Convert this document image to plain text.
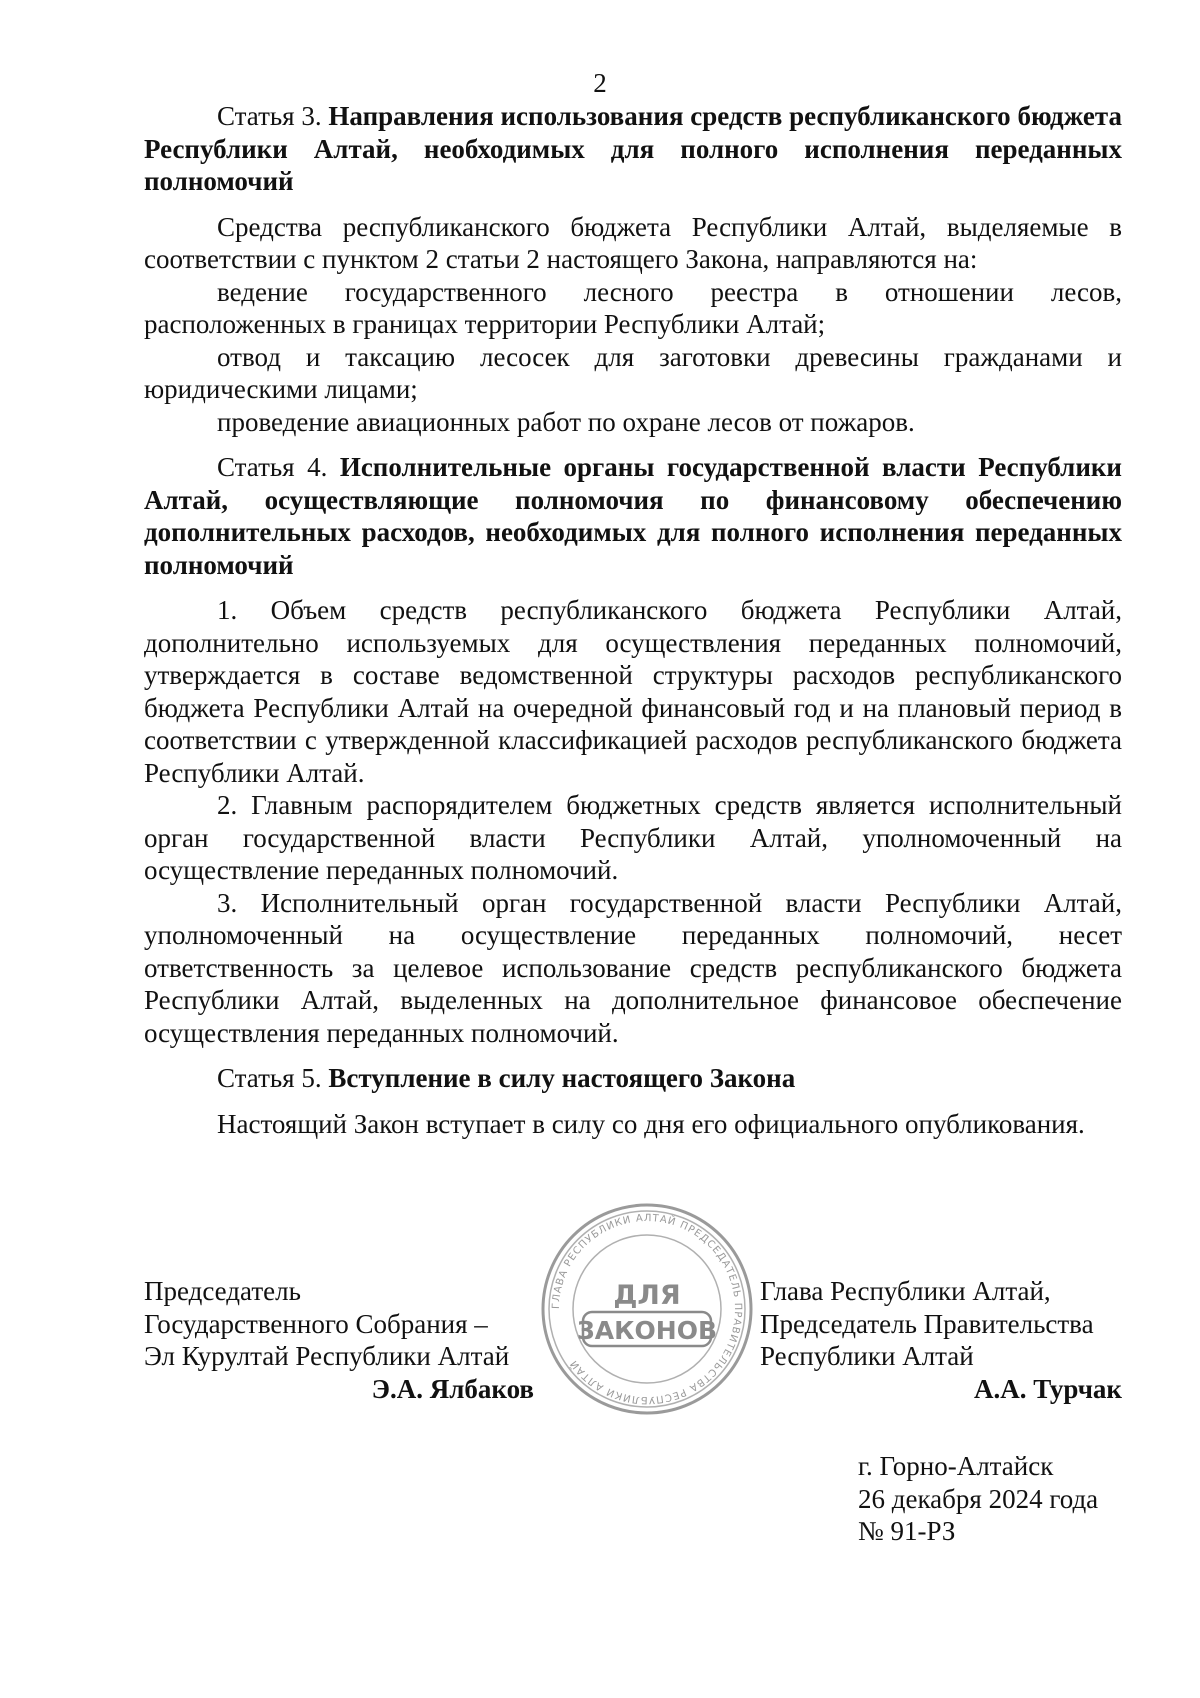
2

Статья 3. Направления использования средств республиканского бюджета Республики Алтай, необходимых для полного исполнения переданных полномочий

Средства республиканского бюджета Республики Алтай, выделяемые в соответствии с пунктом 2 статьи 2 настоящего Закона, направляются на:

ведение государственного лесного реестра в отношении лесов, расположенных в границах территории Республики Алтай;

отвод и таксацию лесосек для заготовки древесины гражданами и юридическими лицами;

проведение авиационных работ по охране лесов от пожаров.

Статья 4. Исполнительные органы государственной власти Республики Алтай, осуществляющие полномочия по финансовому обеспечению дополнительных расходов, необходимых для полного исполнения переданных полномочий

1. Объем средств республиканского бюджета Республики Алтай, дополнительно используемых для осуществления переданных полномочий, утверждается в составе ведомственной структуры расходов республиканского бюджета Республики Алтай на очередной финансовый год и на плановый период в соответствии с утвержденной классификацией расходов республиканского бюджета Республики Алтай.

2. Главным распорядителем бюджетных средств является исполнительный орган государственной власти Республики Алтай, уполномоченный на осуществление переданных полномочий.

3. Исполнительный орган государственной власти Республики Алтай, уполномоченный на осуществление переданных полномочий, несет ответственность за целевое использование средств республиканского бюджета Республики Алтай, выделенных на дополнительное финансовое обеспечение осуществления переданных полномочий.

Статья 5. Вступление в силу настоящего Закона

Настоящий Закон вступает в силу со дня его официального опубликования.

Председатель
Государственного Собрания –
Эл Курултай Республики Алтай
Э.А. Ялбаков
Глава Республики Алтай,
Председатель Правительства
Республики Алтай
А.А. Турчак
ГЛАВА РЕСПУБЛИКИ АЛТАЙ ПРЕДСЕДАТЕЛЬ ПРАВИТЕЛЬСТВА РЕСПУБЛИКИ АЛТАЙ
ДЛЯ
ЗАКОНОВ
г. Горно-Алтайск
26 декабря 2024 года
№ 91-РЗ
